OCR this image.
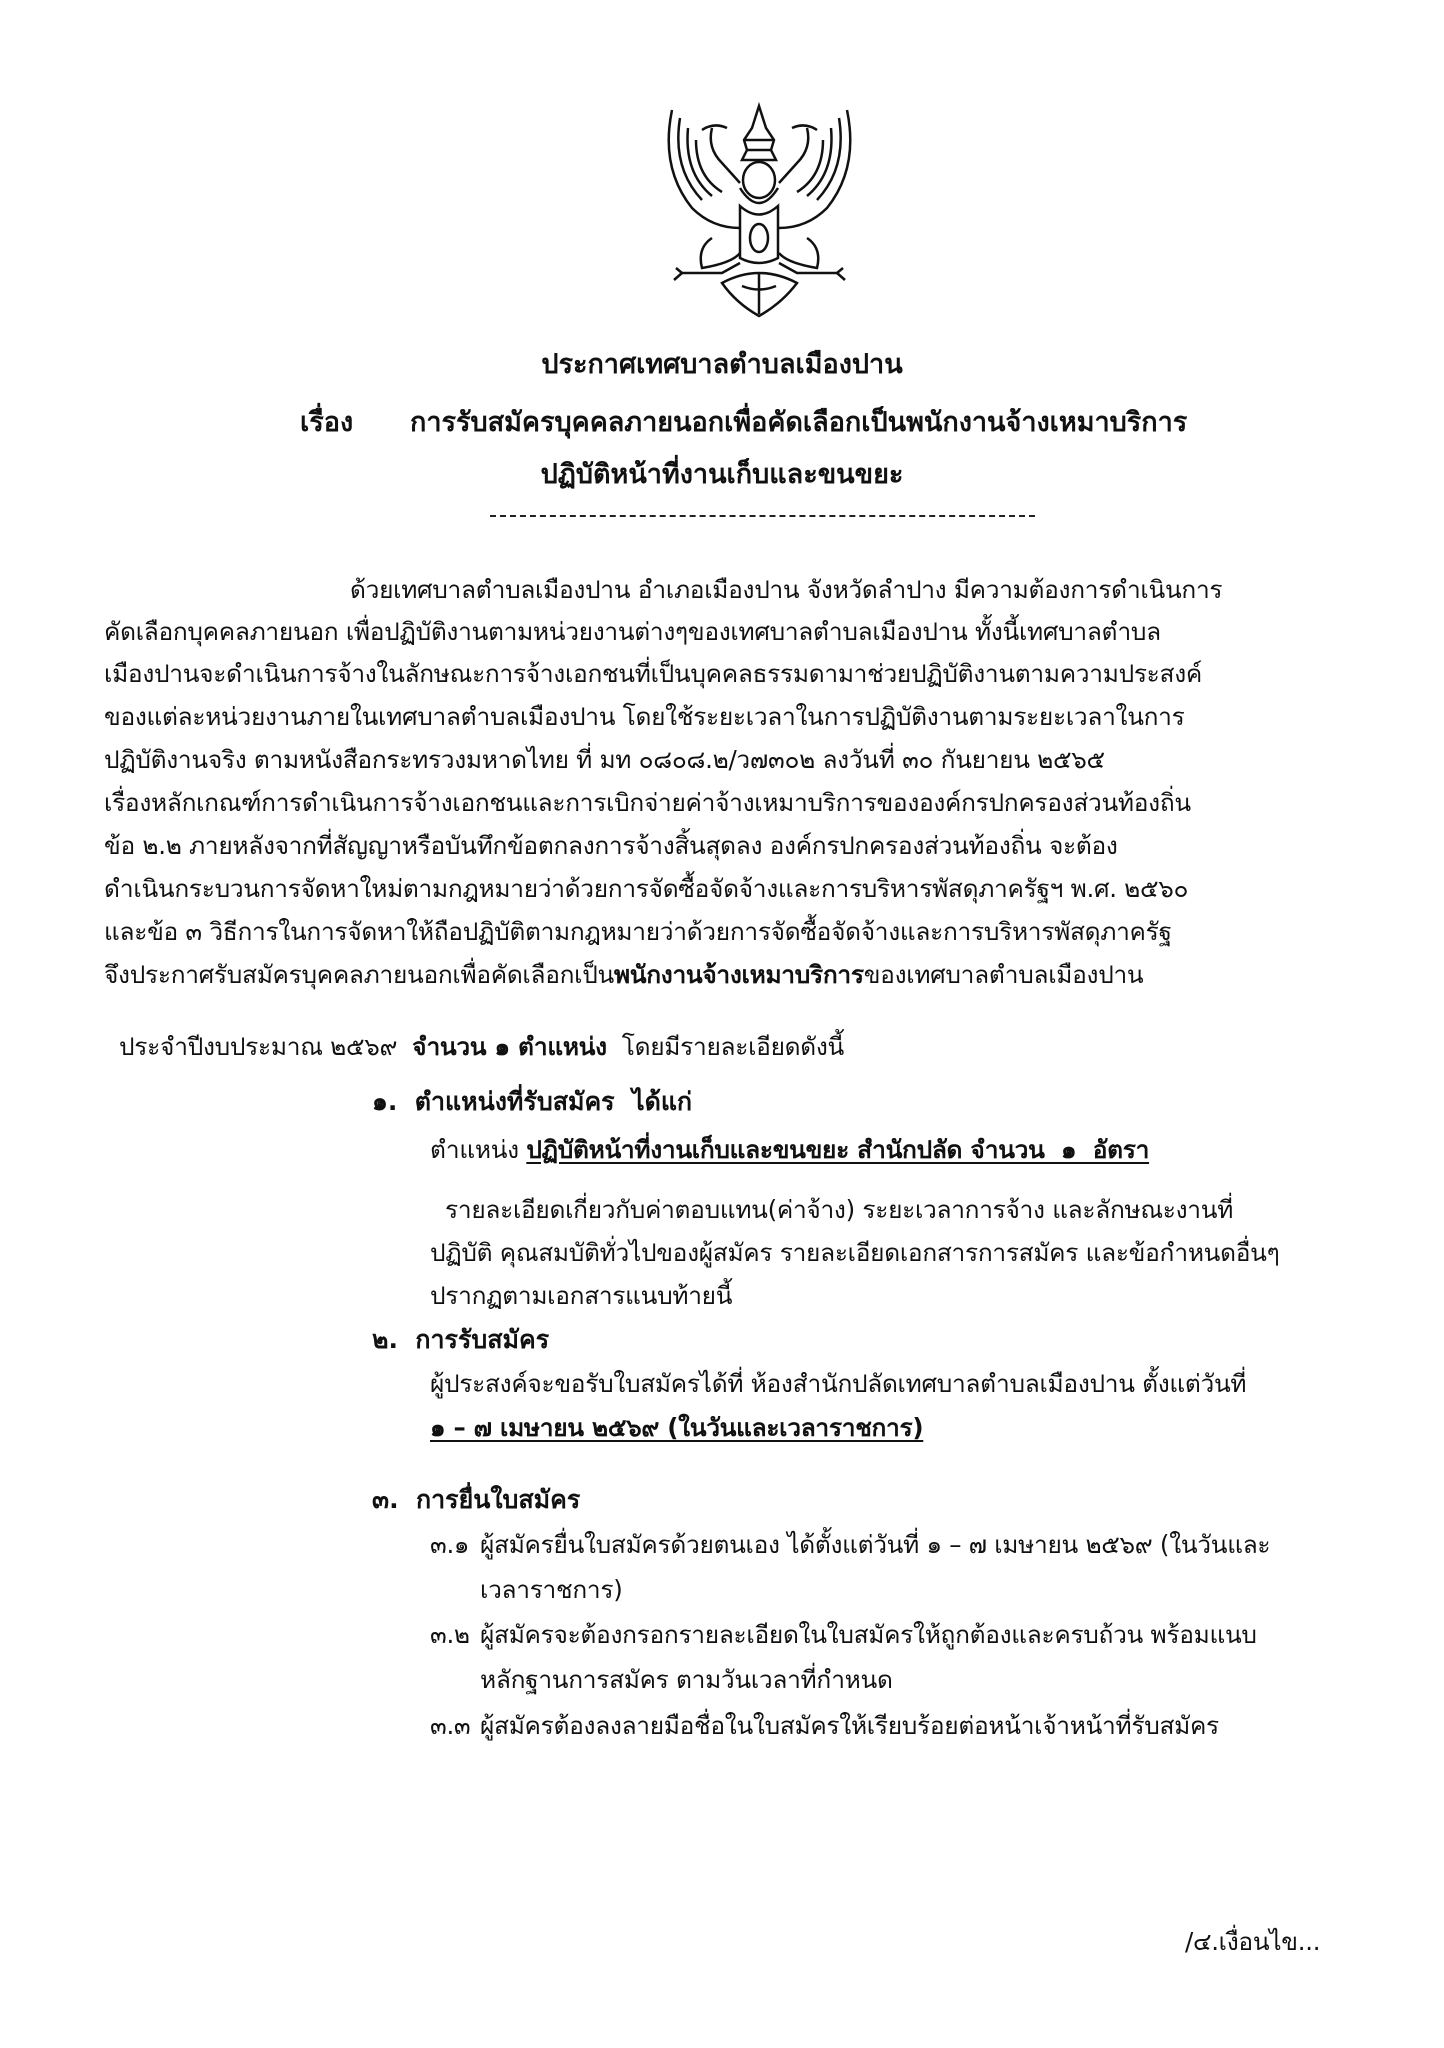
ประกาศเทศบาลตำบลเมืองปาน
เรื่อง การรับสมัครบุคคลภายนอกเพื่อคัดเลือกเป็นพนักงานจ้างเหมาบริการ
ปฏิบัติหน้าที่งานเก็บและขนขยะ
ด้วยเทศบาลตำบลเมืองปาน อำเภอเมืองปาน จังหวัดลำปาง มีความต้องการดำเนินการ
คัดเลือกบุคคลภายนอก เพื่อปฏิบัติงานตามหน่วยงานต่างๆของเทศบาลตำบลเมืองปาน ทั้งนี้เทศบาลตำบล
เมืองปานจะดำเนินการจ้างในลักษณะการจ้างเอกชนที่เป็นบุคคลธรรมดามาช่วยปฏิบัติงานตามความประสงค์
ของแต่ละหน่วยงานภายในเทศบาลตำบลเมืองปาน โดยใช้ระยะเวลาในการปฏิบัติงานตามระยะเวลาในการ
ปฏิบัติงานจริง ตามหนังสือกระทรวงมหาดไทย ที่ มท ๐๘๐๘.๒/ว๗๓๐๒ ลงวันที่ ๓๐ กันยายน ๒๕๖๕
เรื่องหลักเกณฑ์การดำเนินการจ้างเอกชนและการเบิกจ่ายค่าจ้างเหมาบริการขององค์กรปกครองส่วนท้องถิ่น
ข้อ ๒.๒ ภายหลังจากที่สัญญาหรือบันทึกข้อตกลงการจ้างสิ้นสุดลง องค์กรปกครองส่วนท้องถิ่น จะต้อง
ดำเนินกระบวนการจัดหาใหม่ตามกฎหมายว่าด้วยการจัดซื้อจัดจ้างและการบริหารพัสดุภาครัฐฯ พ.ศ. ๒๕๖๐
และข้อ ๓ วิธีการในการจัดหาให้ถือปฏิบัติตามกฎหมายว่าด้วยการจัดซื้อจัดจ้างและการบริหารพัสดุภาครัฐ
จึงประกาศรับสมัครบุคคลภายนอกเพื่อคัดเลือกเป็นพนักงานจ้างเหมาบริการของเทศบาลตำบลเมืองปาน

ประจำปีงบประมาณ ๒๕๖๙  จำนวน ๑ ตำแหน่ง  โดยมีรายละเอียดดังนี้

๑.  ตำแหน่งที่รับสมัคร  ได้แก่
ตำแหน่ง ปฏิบัติหน้าที่งานเก็บและขนขยะ สำนักปลัด จำนวน  ๑  อัตรา
รายละเอียดเกี่ยวกับค่าตอบแทน(ค่าจ้าง) ระยะเวลาการจ้าง และลักษณะงานที่
ปฏิบัติ คุณสมบัติทั่วไปของผู้สมัคร รายละเอียดเอกสารการสมัคร และข้อกำหนดอื่นๆ
ปรากฏตามเอกสารแนบท้ายนี้
๒.  การรับสมัคร
ผู้ประสงค์จะขอรับใบสมัครได้ที่ ห้องสำนักปลัดเทศบาลตำบลเมืองปาน ตั้งแต่วันที่
๑ – ๗ เมษายน ๒๕๖๙ (ในวันและเวลาราชการ)
๓.  การยื่นใบสมัคร
๓.๑ ผู้สมัครยื่นใบสมัครด้วยตนเอง ได้ตั้งแต่วันที่ ๑ – ๗ เมษายน ๒๕๖๙ (ในวันและ
เวลาราชการ)
๓.๒ ผู้สมัครจะต้องกรอกรายละเอียดในใบสมัครให้ถูกต้องและครบถ้วน พร้อมแนบ
หลักฐานการสมัคร ตามวันเวลาที่กำหนด
๓.๓ ผู้สมัครต้องลงลายมือชื่อในใบสมัครให้เรียบร้อยต่อหน้าเจ้าหน้าที่รับสมัคร
/๔.เงื่อนไข...
